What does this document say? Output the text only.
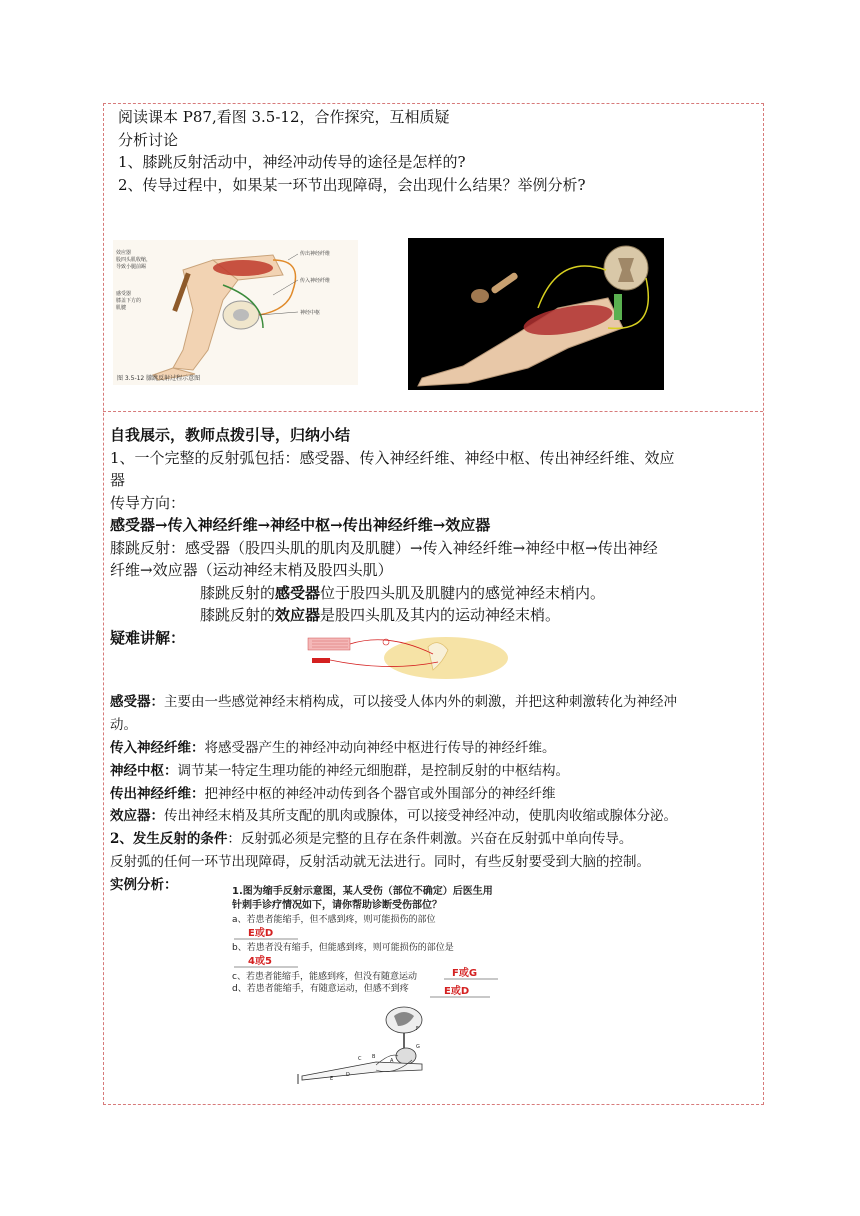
阅读课本 P87,看图 3.5-12，合作探究，互相质疑
分析讨论
1、膝跳反射活动中，神经冲动传导的途径是怎样的?
2、传导过程中，如果某一环节出现障碍，会出现什么结果？举例分析?
效应器
股四头肌收缩，
导致小腿前踢
感受器
膝盖下方的
肌腱
传出神经纤维
传入神经纤维
神经中枢
图 3.5-12 膝跳反射过程示意图
自我展示，教师点拨引导，归纳小结
1、一个完整的反射弧包括：感受器、传入神经纤维、神经中枢、传出神经纤维、效应
器
传导方向：
感受器→传入神经纤维→神经中枢→传出神经纤维→效应器
膝跳反射：感受器（股四头肌的肌肉及肌腱）→传入神经纤维→神经中枢→传出神经
纤维→效应器（运动神经末梢及股四头肌）
膝跳反射的感受器位于股四头肌及肌腱内的感觉神经末梢内。
膝跳反射的效应器是股四头肌及其内的运动神经末梢。
疑难讲解：
感受器：主要由一些感觉神经末梢构成，可以接受人体内外的刺激，并把这种刺激转化为神经冲
动。
传入神经纤维：将感受器产生的神经冲动向神经中枢进行传导的神经纤维。
神经中枢：调节某一特定生理功能的神经元细胞群，是控制反射的中枢结构。
传出神经纤维：把神经中枢的神经冲动传到各个器官或外围部分的神经纤维
效应器：传出神经末梢及其所支配的肌肉或腺体，可以接受神经冲动，使肌肉收缩或腺体分泌。
2、发生反射的条件：反射弧必须是完整的且存在条件刺激。兴奋在反射弧中单向传导。
反射弧的任何一环节出现障碍，反射活动就无法进行。同时，有些反射要受到大脑的控制。
实例分析：	1.图为缩手反射示意图，某人受伤（部位不确定）后医生用
针刺手诊疗情况如下，请你帮助诊断受伤部位？
a、若患者能缩手，但不感到疼，则可能损伤的部位
E或D
b、若患者没有缩手，但能感到疼，则可能损伤的部位是
4或5
c、若患者能缩手，能感到疼，但没有随意运动	F或G
d、若患者能缩手，有随意运动，但感不到疼	E或D
A
B
C
D
E
F
G
